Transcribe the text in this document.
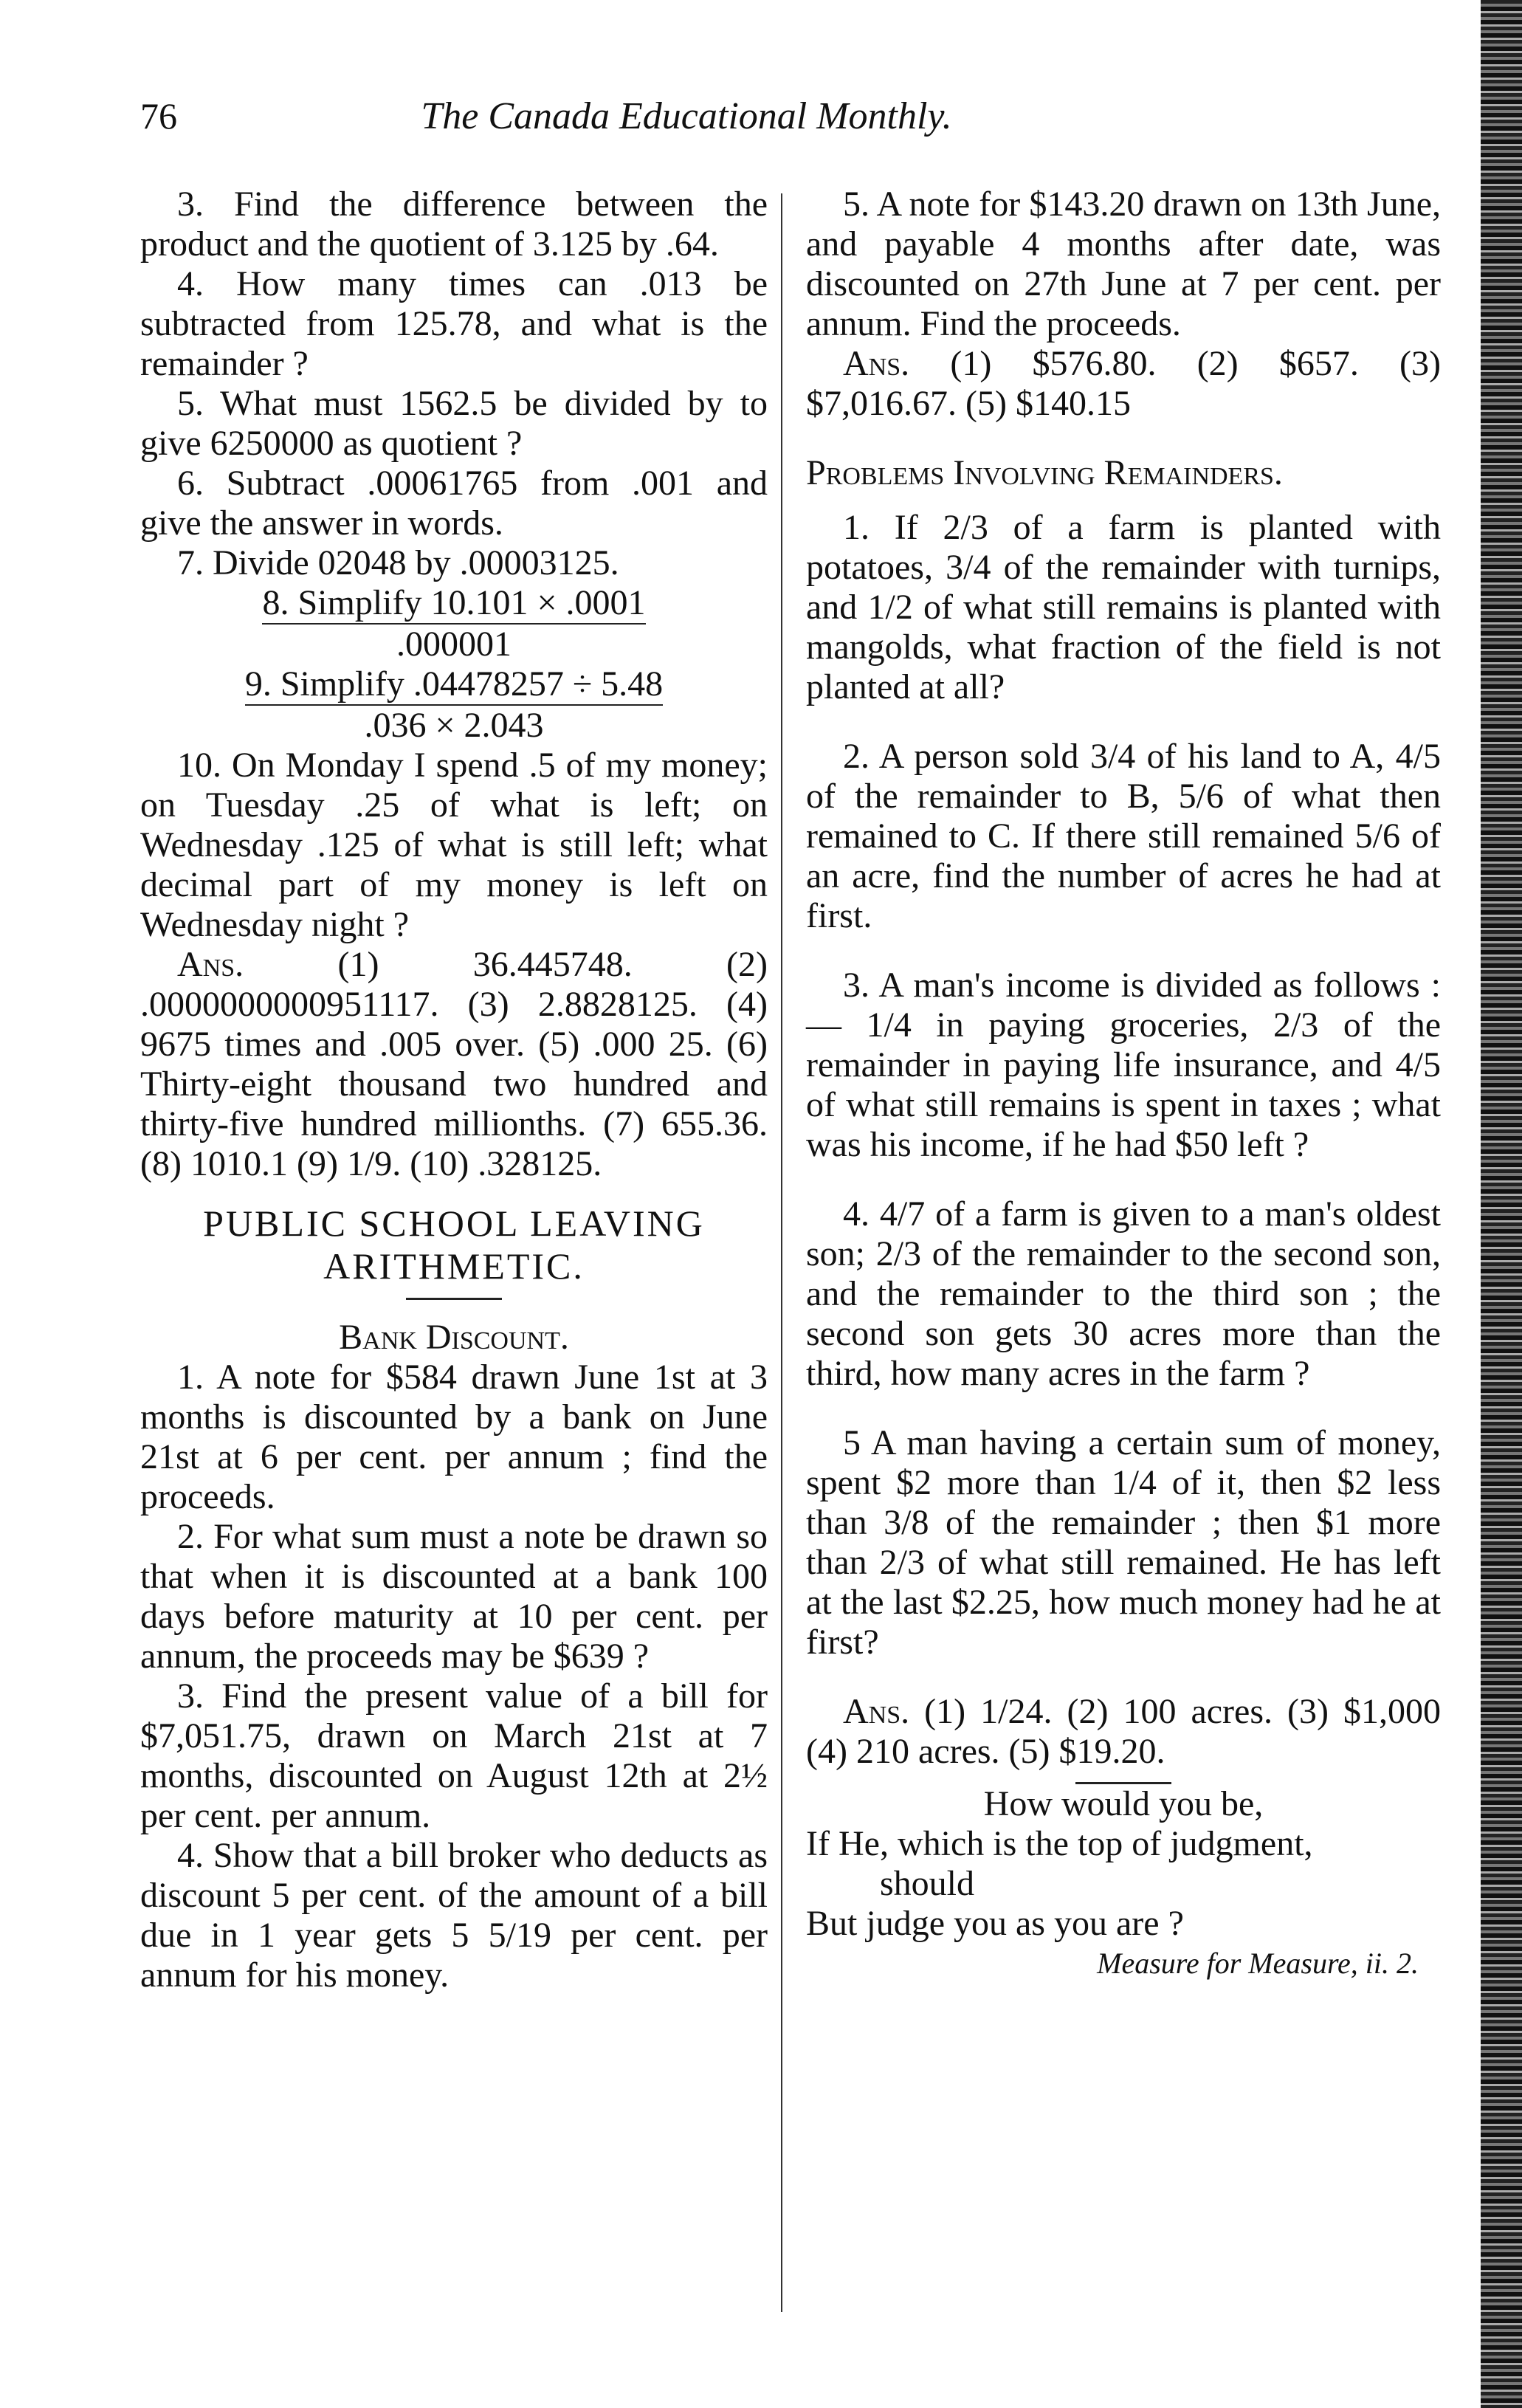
76	The Canada Educational Monthly.

3. Find the difference between the product and the quotient of 3.125 by .64.

4. How many times can .013 be subtracted from 125.78, and what is the remainder ?

5. What must 1562.5 be divided by to give 6250000 as quotient ?

6. Subtract .00061765 from .001 and give the answer in words.

7. Divide 02048 by .00003125.

8. Simplify 10.101 × .0001
.000001
9. Simplify .04478257 ÷ 5.48
.036 × 2.043

10. On Monday I spend .5 of my money; on Tuesday .25 of what is left; on Wednesday .125 of what is still left; what decimal part of my money is left on Wednesday night ?

Ans.	(1) 36.445748. (2) .0000000000951117. (3) 2.8828125. (4) 9675 times and .005 over. (5) .000 25. (6) Thirty-eight thousand two hundred and thirty-five hundred millionths. (7) 655.36. (8) 1010.1 (9) 1/9. (10) .328125.

PUBLIC SCHOOL LEAVING
ARITHMETIC.
Bank Discount.

1. A note for $584 drawn June 1st at 3 months is discounted by a bank on June 21st at 6 per cent. per annum ; find the proceeds.

2. For what sum must a note be drawn so that when it is discounted at a bank 100 days before maturity at 10 per cent. per annum, the proceeds may be $639 ?

3. Find the present value of a bill for $7,051.75, drawn on March 21st at 7 months, discounted on August 12th at 2½ per cent. per annum.

4. Show that a bill broker who deducts as discount 5 per cent. of the amount of a bill due in 1 year gets 5 5/19 per cent. per annum for his money.

5. A note for $143.20 drawn on 13th June, and payable 4 months after date, was discounted on 27th June at 7 per cent. per annum. Find the proceeds.

Ans. (1) $576.80. (2) $657. (3) $7,016.67. (5) $140.15

Problems Involving Remainders.

1. If 2/3 of a farm is planted with potatoes, 3/4 of the remainder with turnips, and 1/2 of what still remains is planted with mangolds, what fraction of the field is not planted at all?

2. A person sold 3/4 of his land to A, 4/5 of the remainder to B, 5/6 of what then remained to C. If there still remained 5/6 of an acre, find the number of acres he had at first.

3. A man's income is divided as follows :— 1/4 in paying groceries, 2/3 of the remainder in paying life insurance, and 4/5 of what still remains is spent in taxes ; what was his income, if he had $50 left ?

4. 4/7 of a farm is given to a man's oldest son; 2/3 of the remainder to the second son, and the remainder to the third son ; the second son gets 30 acres more than the third, how many acres in the farm ?

5 A man having a certain sum of money, spent $2 more than 1/4 of it, then $2 less than 3/8 of the remainder ; then $1 more than 2/3 of what still remained. He has left at the last $2.25, how much money had he at first?

Ans. (1) 1/24. (2) 100 acres. (3) $1,000 (4) 210 acres. (5) $19.20.

How would you be,
If He, which is the top of judgment,
should
But judge you as you are ?
Measure for Measure, ii. 2.
